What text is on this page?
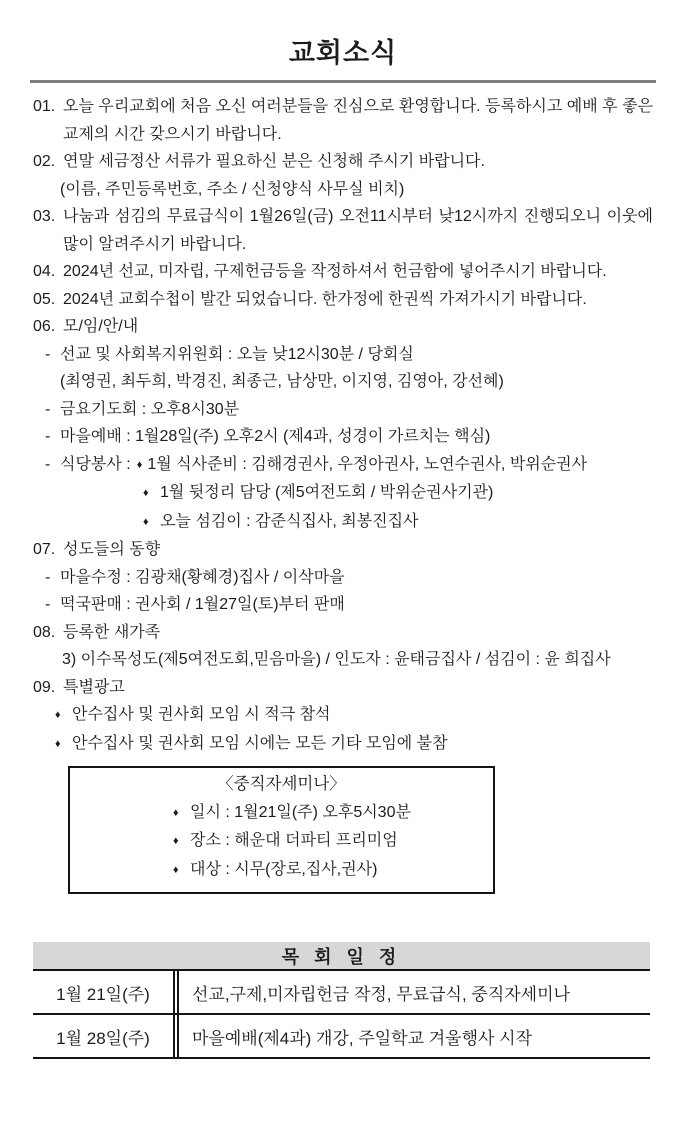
교회소식
01. 오늘 우리교회에 처음 오신 여러분들을 진심으로 환영합니다. 등록하시고 예배 후 좋은교제의 시간 갖으시기 바랍니다.
02. 연말 세금정산 서류가 필요하신 분은 신청해 주시기 바랍니다.
(이름, 주민등록번호, 주소 / 신청양식 사무실 비치)
03. 나눔과 섬김의 무료급식이 1월26일(금) 오전11시부터 낮12시까지 진행되오니 이웃에 많이 알려주시기 바랍니다.
04. 2024년 선교, 미자립, 구제헌금등을 작정하셔서 헌금함에 넣어주시기 바랍니다.
05. 2024년 교회수첩이 발간 되었습니다. 한가정에 한권씩 가져가시기 바랍니다.
06. 모/임/안/내
- 선교 및 사회복지위원회 : 오늘 낮12시30분 / 당회실
(최영권, 최두희, 박경진, 최종근, 남상만, 이지영, 김영아, 강선혜)
- 금요기도회 : 오후8시30분
- 마을예배 : 1월28일(주) 오후2시 (제4과, 성경이 가르치는 핵심)
- 식당봉사 : ♦ 1월 식사준비 : 김해경권사, 우정아권사, 노연수권사, 박위순권사
♦ 1월 뒷정리 담당 (제5여전도회 / 박위순권사기관)
♦ 오늘 섬김이 : 감준식집사, 최봉진집사
07. 성도들의 동향
- 마을수정 : 김광채(황혜경)집사 / 이삭마을
- 떡국판매 : 권사회 / 1월27일(토)부터 판매
08. 등록한 새가족
3) 이수목성도(제5여전도회,믿음마을) / 인도자 : 윤태금집사 / 섬김이 : 윤 희집사
09. 특별광고
♦ 안수집사 및 권사회 모임 시 적극 참석
♦ 안수집사 및 권사회 모임 시에는 모든 기타 모임에 불참
〈중직자세미나〉
♦ 일시 : 1월21일(주) 오후5시30분
♦ 장소 : 해운대 더파티 프리미엄
♦ 대상 : 시무(장로,집사,권사)
목 회 일 정
1월 21일(주)	선교,구제,미자립헌금 작정, 무료급식, 중직자세미나
1월 28일(주)	마을예배(제4과) 개강, 주일학교 겨울행사 시작
